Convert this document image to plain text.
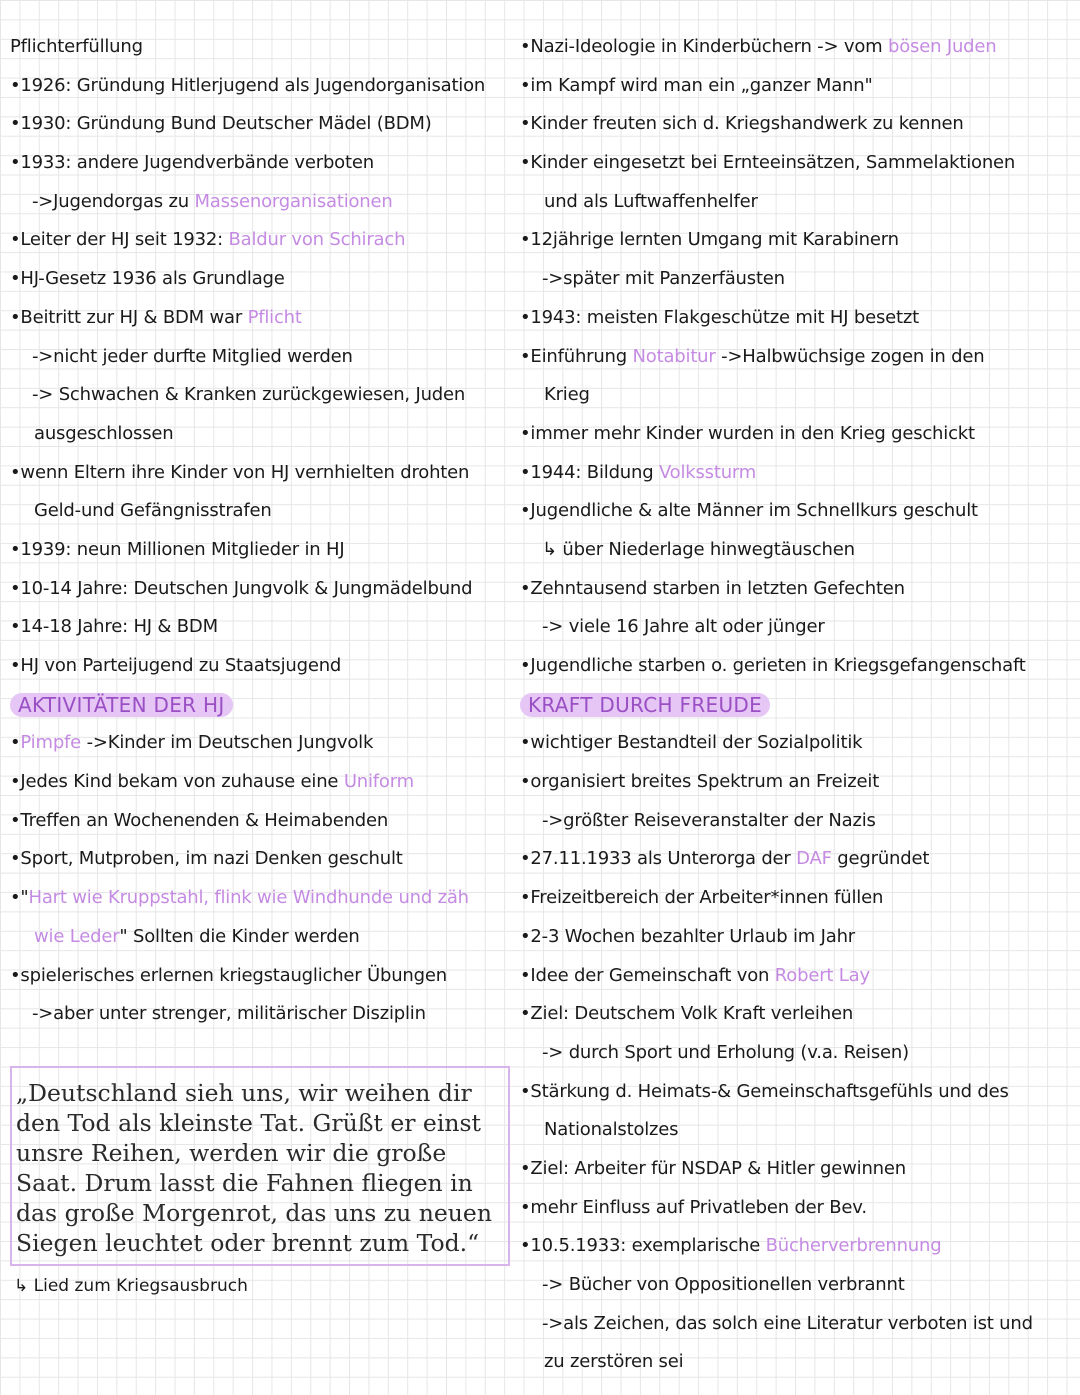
Pflichterfüllung
•1926: Gründung Hitlerjugend als Jugendorganisation
•1930: Gründung Bund Deutscher Mädel (BDM)
•1933: andere Jugendverbände verboten
->Jugendorgas zu Massenorganisationen
•Leiter der HJ seit 1932: Baldur von Schirach
•HJ-Gesetz 1936 als Grundlage
•Beitritt zur HJ & BDM war Pflicht
->nicht jeder durfte Mitglied werden
-> Schwachen & Kranken zurückgewiesen, Juden
ausgeschlossen
•wenn Eltern ihre Kinder von HJ vernhielten drohten
Geld-und Gefängnisstrafen
•1939: neun Millionen Mitglieder in HJ
•10-14 Jahre: Deutschen Jungvolk & Jungmädelbund
•14-18 Jahre: HJ & BDM
•HJ von Parteijugend zu Staatsjugend
AKTIVITÄTEN DER HJ
•Pimpfe ->Kinder im Deutschen Jungvolk
•Jedes Kind bekam von zuhause eine Uniform
•Treffen an Wochenenden & Heimabenden
•Sport, Mutproben, im nazi Denken geschult
•"Hart wie Kruppstahl, flink wie Windhunde und zäh
wie Leder" Sollten die Kinder werden
•spielerisches erlernen kriegstauglicher Übungen
->aber unter strenger, militärischer Disziplin
„Deutschland sieh uns, wir weihen dir den Tod als kleinste Tat. Grüßt er einst unsre Reihen, werden wir die große Saat. Drum lasst die Fahnen fliegen in das große Morgenrot, das uns zu neuen Siegen leuchtet oder brennt zum Tod.“
↳ Lied zum Kriegsausbruch
•Nazi-Ideologie in Kinderbüchern -> vom bösen Juden
•im Kampf wird man ein „ganzer Mann"
•Kinder freuten sich d. Kriegshandwerk zu kennen
•Kinder eingesetzt bei Ernteeinsätzen, Sammelaktionen
und als Luftwaffenhelfer
•12jährige lernten Umgang mit Karabinern
->später mit Panzerfäusten
•1943: meisten Flakgeschütze mit HJ besetzt
•Einführung Notabitur ->Halbwüchsige zogen in den
Krieg
•immer mehr Kinder wurden in den Krieg geschickt
•1944: Bildung Volkssturm
•Jugendliche & alte Männer im Schnellkurs geschult
↳ über Niederlage hinwegtäuschen
•Zehntausend starben in letzten Gefechten
-> viele 16 Jahre alt oder jünger
•Jugendliche starben o. gerieten in Kriegsgefangenschaft
KRAFT DURCH FREUDE
•wichtiger Bestandteil der Sozialpolitik
•organisiert breites Spektrum an Freizeit
->größter Reiseveranstalter der Nazis
•27.11.1933 als Unterorga der DAF gegründet
•Freizeitbereich der Arbeiter*innen füllen
•2-3 Wochen bezahlter Urlaub im Jahr
•Idee der Gemeinschaft von Robert Lay
•Ziel: Deutschem Volk Kraft verleihen
-> durch Sport und Erholung (v.a. Reisen)
•Stärkung d. Heimats-& Gemeinschaftsgefühls und des
Nationalstolzes
•Ziel: Arbeiter für NSDAP & Hitler gewinnen
•mehr Einfluss auf Privatleben der Bev.
•10.5.1933: exemplarische Bücherverbrennung
-> Bücher von Oppositionellen verbrannt
->als Zeichen, das solch eine Literatur verboten ist und
zu zerstören sei
